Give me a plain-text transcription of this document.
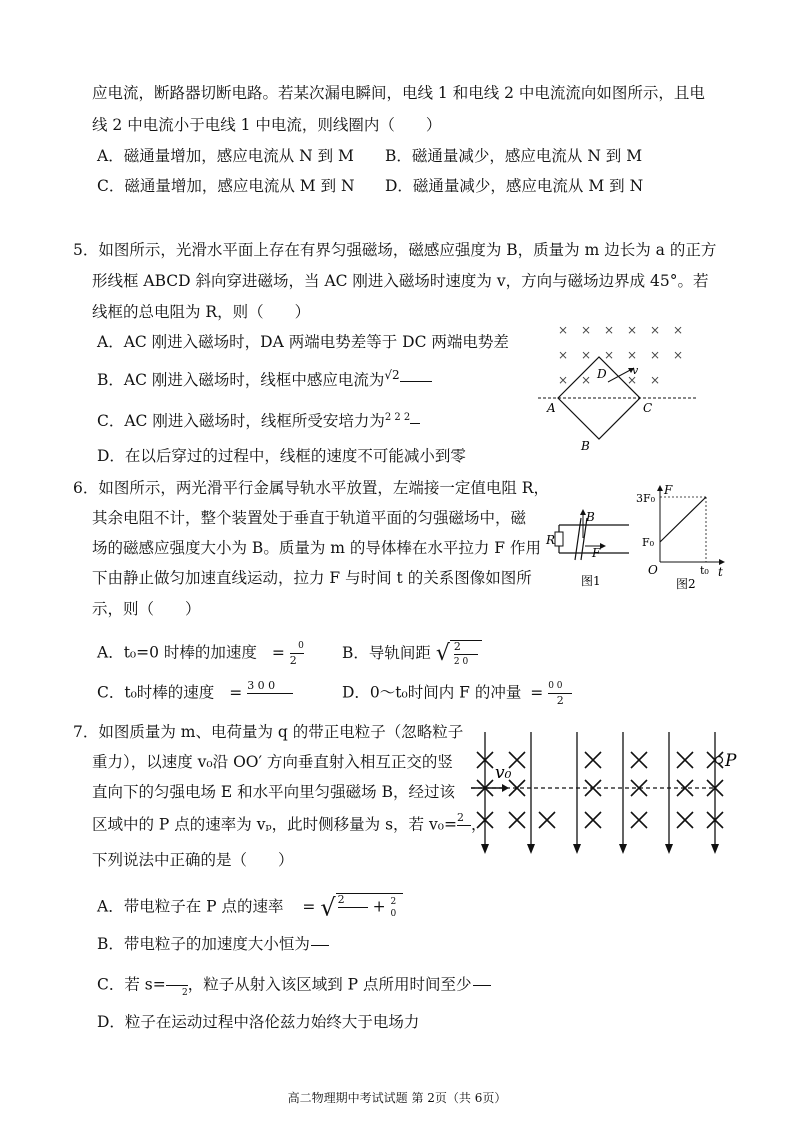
应电流，断路器切断电路。若某次漏电瞬间，电线 1 和电线 2 中电流流向如图所示，且电
线 2 中电流小于电线 1 中电流，则线圈内（　　）
A．磁通量增加，感应电流从 N 到 M B．磁通量减少，感应电流从 N 到 M
C．磁通量增加，感应电流从 M 到 N D．磁通量减少，感应电流从 M 到 N
5．如图所示，光滑水平面上存在有界匀强磁场，磁感应强度为 B，质量为 m 边长为 a 的正方
形线框 ABCD 斜向穿进磁场，当 AC 刚进入磁场时速度为 v，方向与磁场边界成 45°。若
线框的总电阻为 R，则（　　）
A．AC 刚进入磁场时，DA 两端电势差等于 DC 两端电势差
B．AC 刚进入磁场时，线框中感应电流为√2
C．AC 刚进入磁场时，线框所受安培力为2 2 2
D．在以后穿过的过程中，线框的速度不可能减小到零
× × × × × ×
× × × × × ×
× ×	× ×
D v
A	C
B
6．如图所示，两光滑平行金属导轨水平放置，左端接一定值电阻 R，
其余电阻不计，整个装置处于垂直于轨道平面的匀强磁场中，磁
场的磁感应强度大小为 B。质量为 m 的导体棒在水平拉力 F 作用
下由静止做匀加速直线运动，拉力 F 与时间 t 的关系图像如图所
示，则（　　）
A．t₀=0 时棒的加速度 = $\frac{0}{2}$ B．导轨间距 √ $\frac{2}{2 0}$
C．t₀时棒的速度 = 3 0 0
	D．0～t₀时间内 F 的冲量 = $\frac{0 0}{2}$
B
R
F
图1
F
3F₀
F₀
O	t₀ t
图2
7．如图质量为 m、电荷量为 q 的带正电粒子（忽略粒子
重力），以速度 v₀沿 OO′ 方向垂直射入相互正交的竖
直向下的匀强电场 E 和水平向里匀强磁场 B，经过该
区域中的 P 点的速率为 vₚ，此时侧移量为 s，若 v₀= 2
，
下列说法中正确的是（　　）
A．带电粒子在 P 点的速率 = √ 2
	+ 2
0
B．带电粒子的加速度大小恒为
C．若 s=
	2 ，粒子从射入该区域到 P 点所用时间至少
D．粒子在运动过程中洛伦兹力始终大于电场力
v₀
P
高二物理期中考试试题 第 2页（共 6页）
